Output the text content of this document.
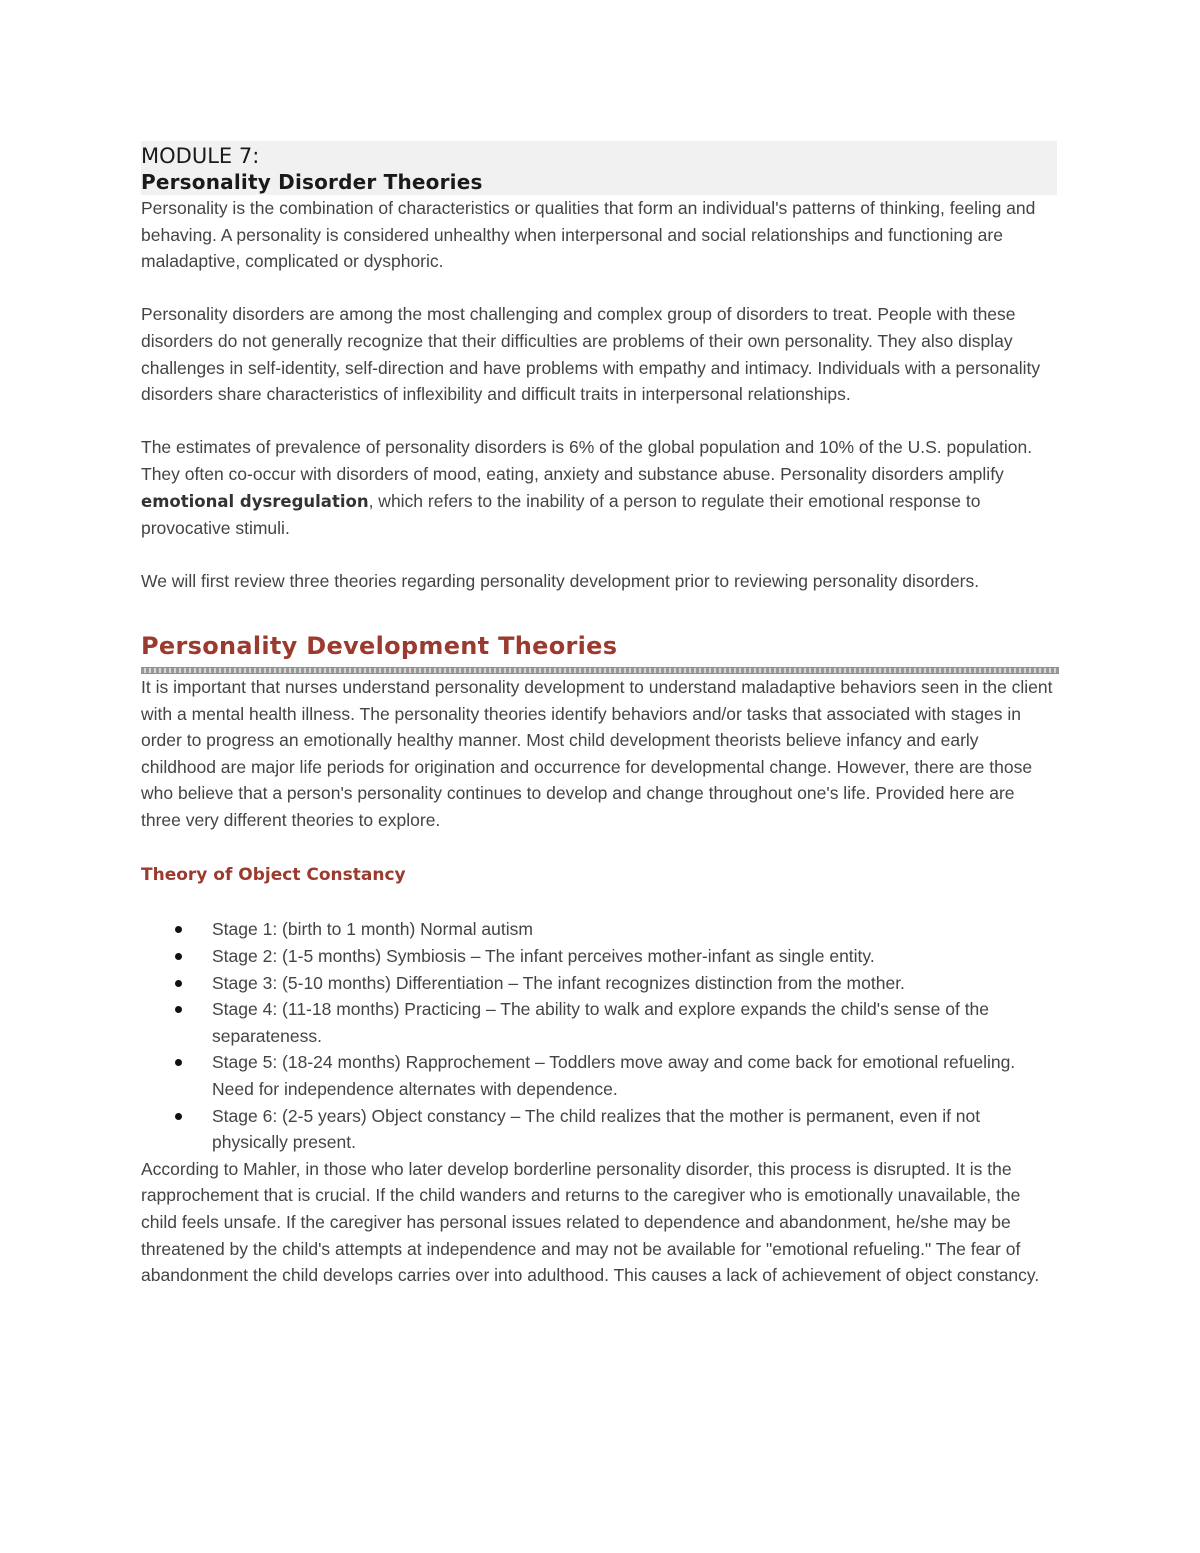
MODULE 7:
Personality Disorder Theories

Personality is the combination of characteristics or qualities that form an individual's patterns of thinking, feeling and behaving. A personality is considered unhealthy when interpersonal and social relationships and functioning are maladaptive, complicated or dysphoric.

Personality disorders are among the most challenging and complex group of disorders to treat. People with these disorders do not generally recognize that their difficulties are problems of their own personality. They also display challenges in self-identity, self-direction and have problems with empathy and intimacy. Individuals with a personality disorders share characteristics of inflexibility and difficult traits in interpersonal relationships.

The estimates of prevalence of personality disorders is 6% of the global population and 10% of the U.S. population. They often co-occur with disorders of mood, eating, anxiety and substance abuse. Personality disorders amplify emotional dysregulation, which refers to the inability of a person to regulate their emotional response to provocative stimuli.

We will first review three theories regarding personality development prior to reviewing personality disorders.

Personality Development Theories

It is important that nurses understand personality development to understand maladaptive behaviors seen in the client with a mental health illness. The personality theories identify behaviors and/or tasks that associated with stages in order to progress an emotionally healthy manner. Most child development theorists believe infancy and early childhood are major life periods for origination and occurrence for developmental change. However, there are those who believe that a person's personality continues to develop and change throughout one's life. Provided here are three very different theories to explore.

Theory of Object Constancy
Stage 1: (birth to 1 month) Normal autism
Stage 2: (1-5 months) Symbiosis – The infant perceives mother-infant as single entity.
Stage 3: (5-10 months) Differentiation – The infant recognizes distinction from the mother.
Stage 4: (11-18 months) Practicing – The ability to walk and explore expands the child's sense of the separateness.
Stage 5: (18-24 months) Rapprochement – Toddlers move away and come back for emotional refueling. Need for independence alternates with dependence.
Stage 6: (2-5 years) Object constancy – The child realizes that the mother is permanent, even if not physically present.

According to Mahler, in those who later develop borderline personality disorder, this process is disrupted. It is the rapprochement that is crucial. If the child wanders and returns to the caregiver who is emotionally unavailable, the child feels unsafe. If the caregiver has personal issues related to dependence and abandonment, he/she may be threatened by the child's attempts at independence and may not be available for "emotional refueling." The fear of abandonment the child develops carries over into adulthood. This causes a lack of achievement of object constancy.
